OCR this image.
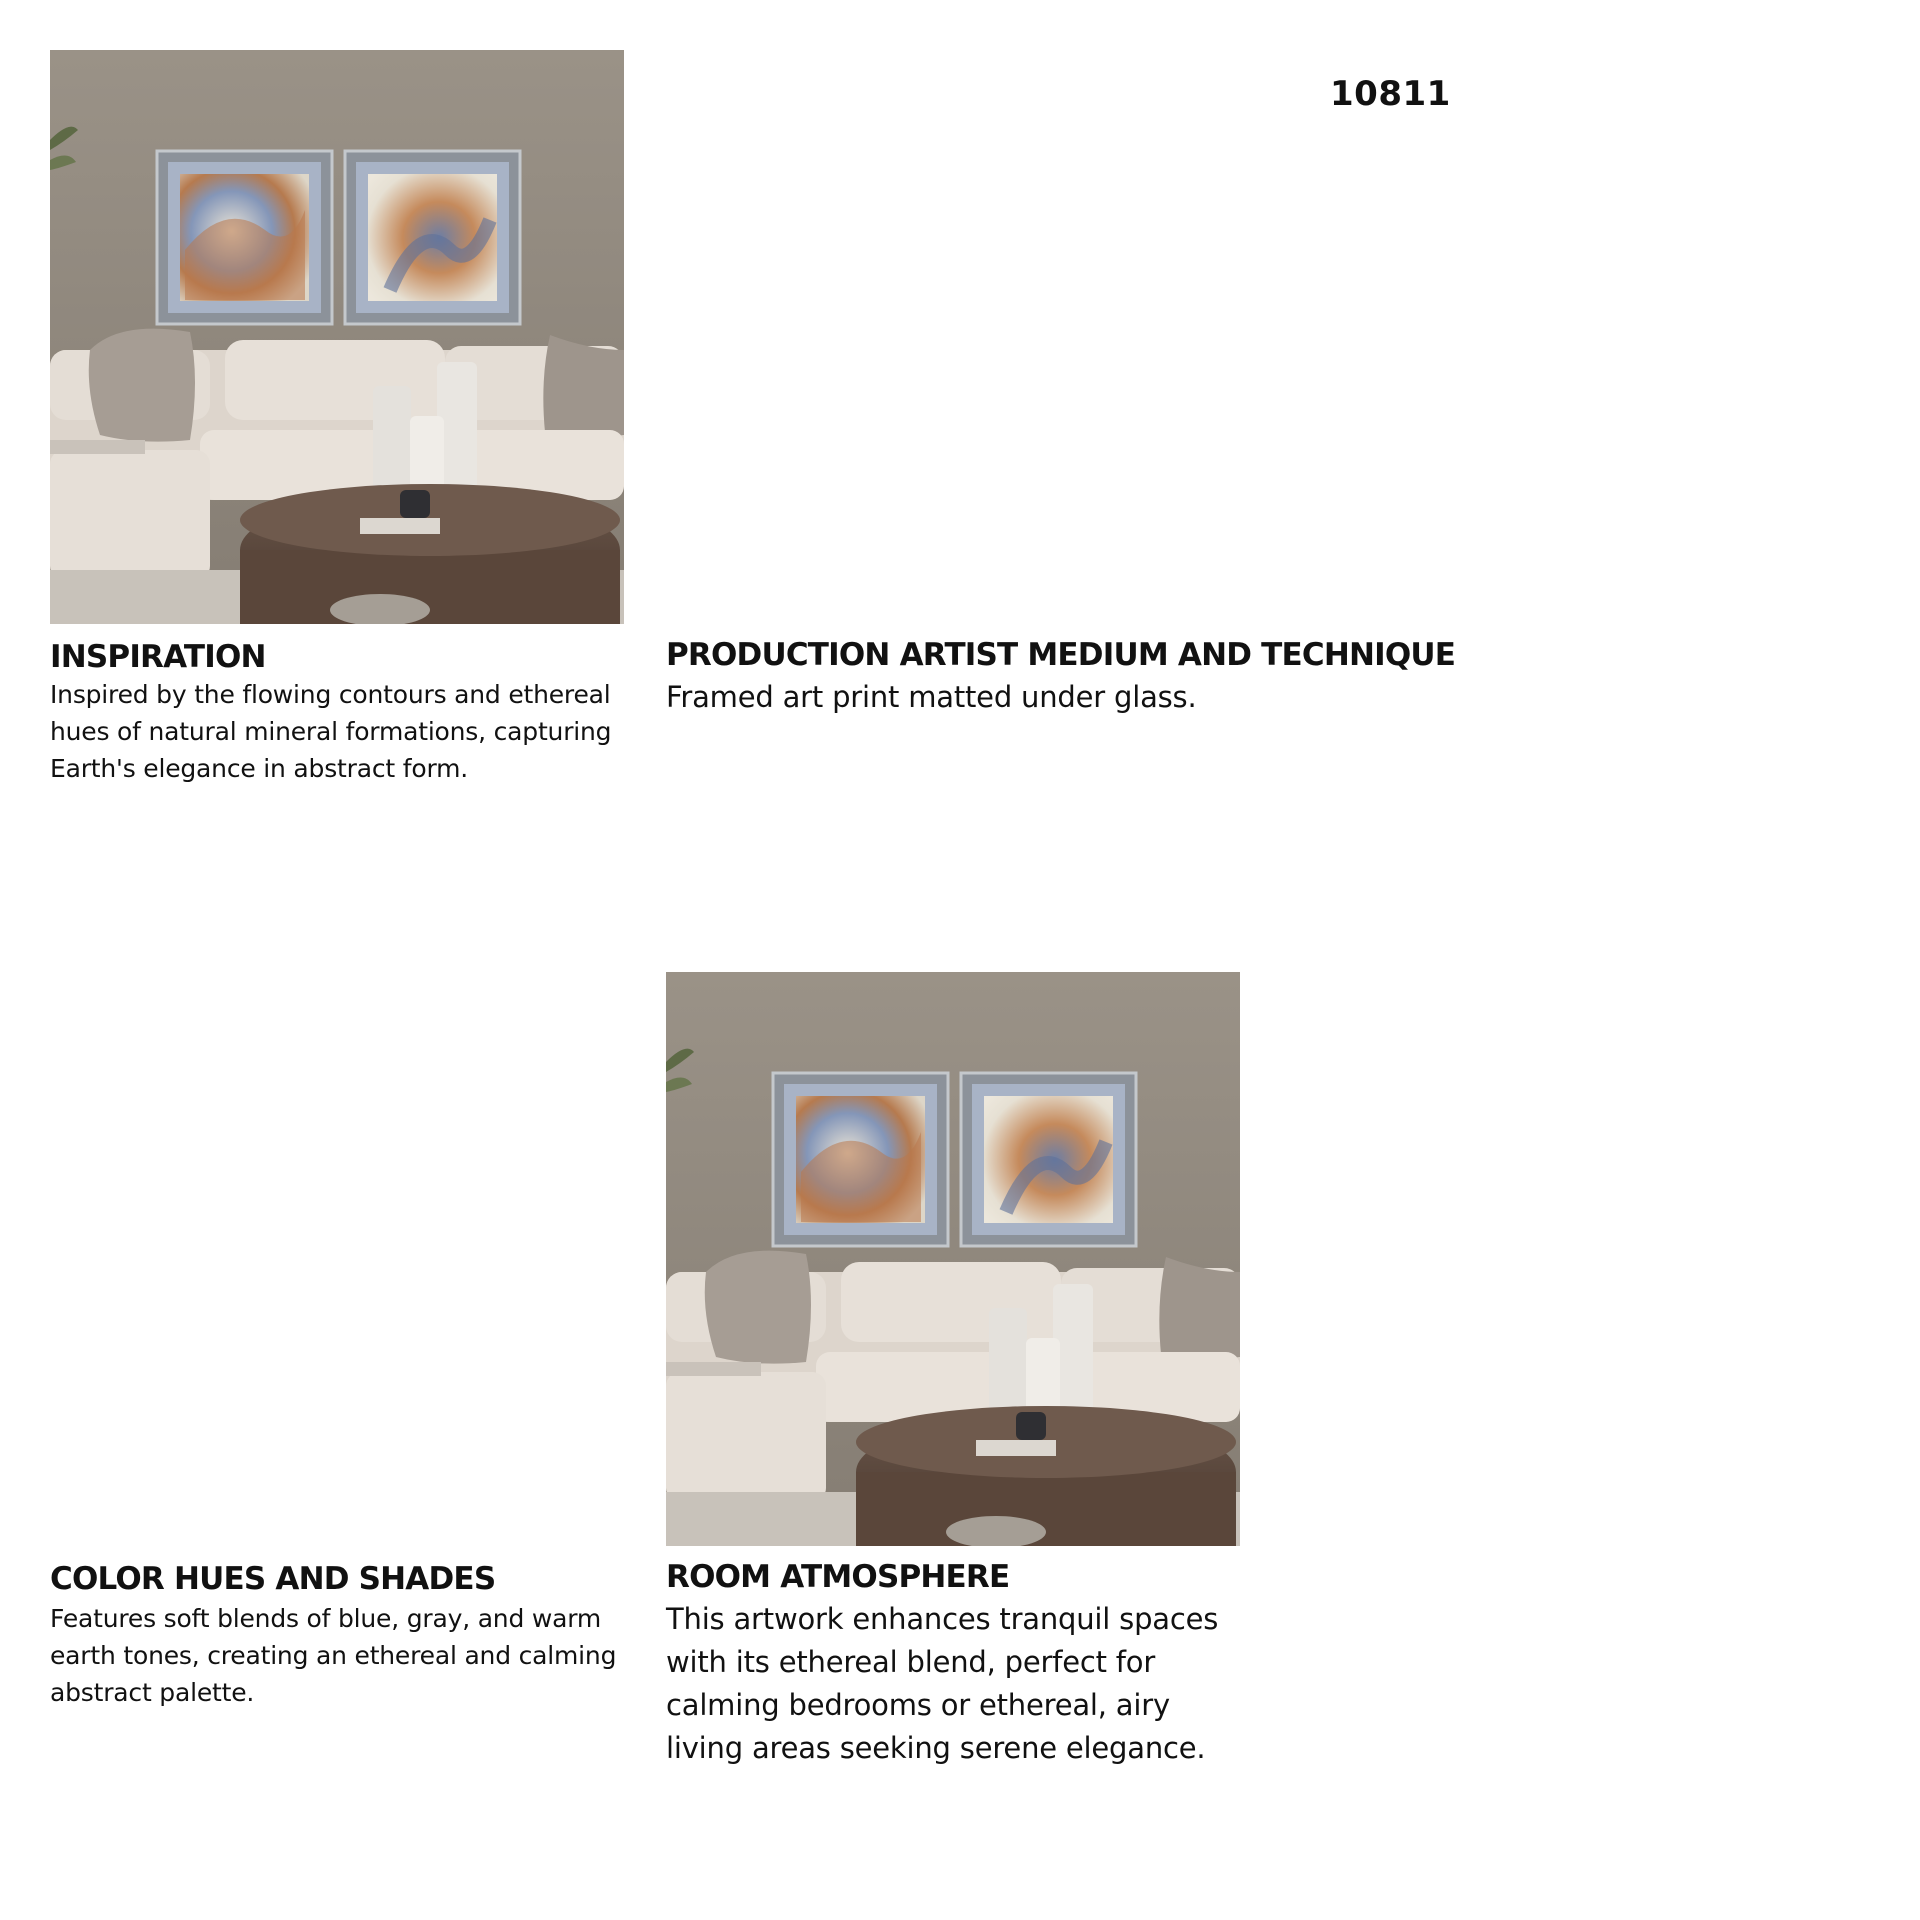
10811
INSPIRATION

Inspired by the flowing contours and ethereal hues of natural mineral formations, capturing Earth's elegance in abstract form.

PRODUCTION ARTIST MEDIUM AND TECHNIQUE

Framed art print matted under glass.

COLOR HUES AND SHADES

Features soft blends of blue, gray, and warm earth tones, creating an ethereal and calming abstract palette.

ROOM ATMOSPHERE

This artwork enhances tranquil spaces with its ethereal blend, perfect for calming bedrooms or ethereal, airy living areas seeking serene elegance.
